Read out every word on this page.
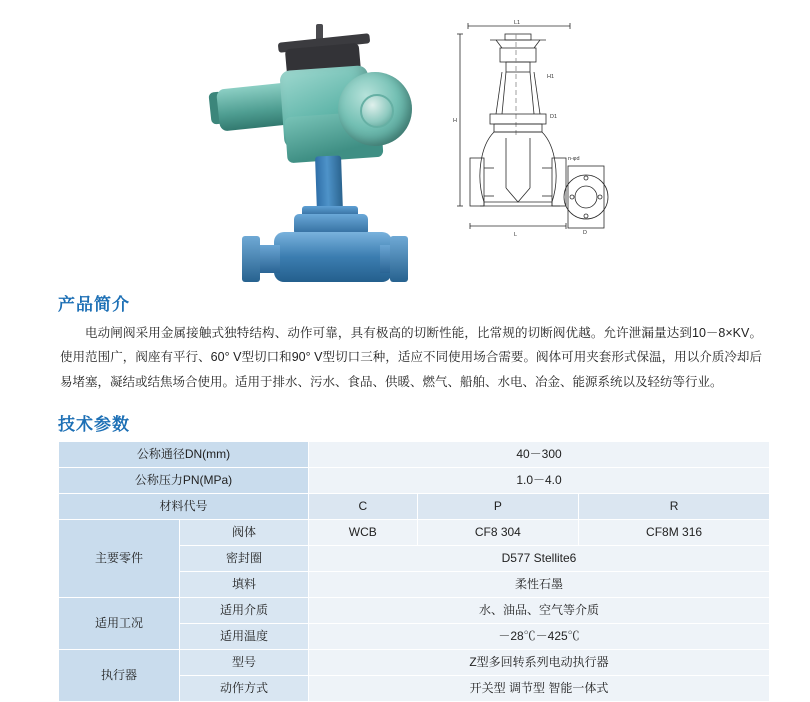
L1
H
L	D
n-φd
D1
H1
产品简介

电动闸阀采用金属接触式独特结构、动作可靠，具有极高的切断性能，比常规的切断阀优越。允许泄漏量达到10－8×KV。使用范围广，阀座有平行、60° V型切口和90° V型切口三种，适应不同使用场合需要。阀体可用夹套形式保温，用以介质冷却后易堵塞，凝结或结焦场合使用。适用于排水、污水、食品、供暖、燃气、船舶、水电、冶金、能源系统以及轻纺等行业。

技术参数
公称通径DN(mm)		40－300		
公称压力PN(MPa)		1.0－4.0		
材料代号		C	P	R
主要零件	阀体	WCB	CF8 304	CF8M 316
	密封圈	D577 Stellite6		
	填料	柔性石墨		
适用工况	适用介质	水、油品、空气等介质		
	适用温度	－28℃－425℃		
执行器	型号	Z型多回转系列电动执行器		
	动作方式	开关型 调节型 智能一体式		
